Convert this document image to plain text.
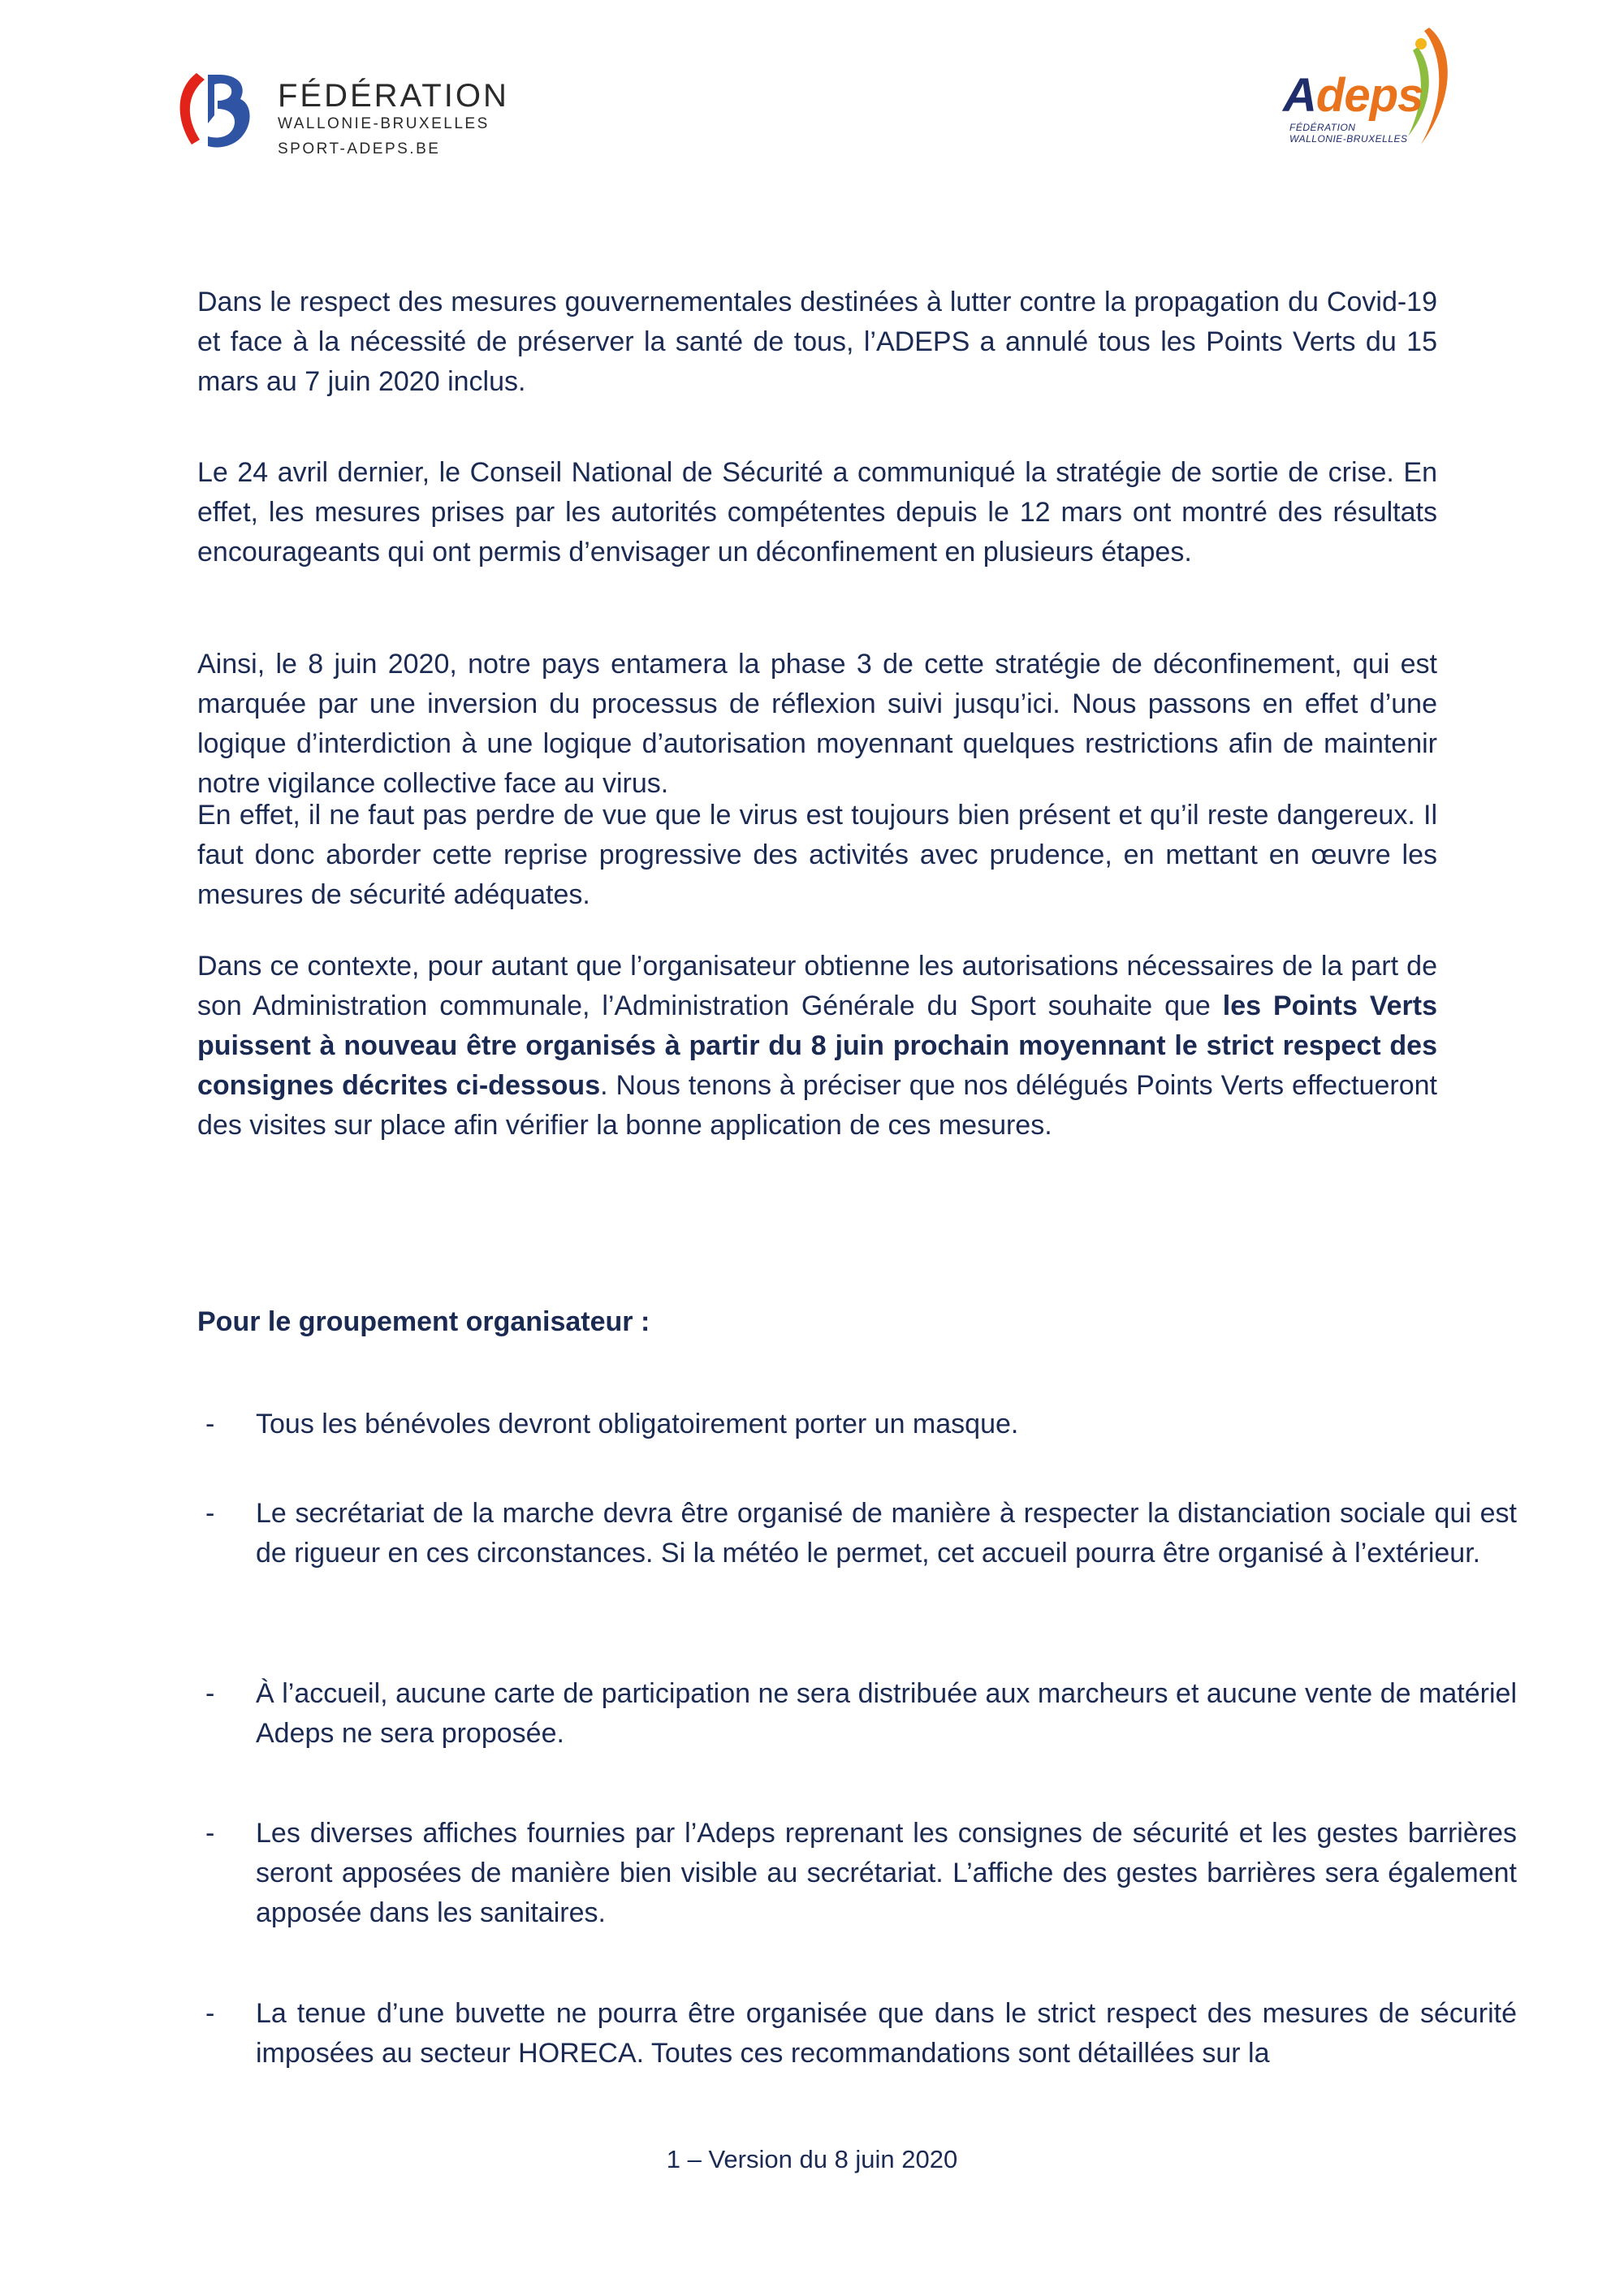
FÉDÉRATION
WALLONIE-BRUXELLES
SPORT-ADEPS.BE
Adeps
FÉDÉRATION
WALLONIE-BRUXELLES

Dans le respect des mesures gouvernementales destinées à lutter contre la propagation du Covid-19 et face à la nécessité de préserver la santé de tous, l’ADEPS a annulé tous les Points Verts du 15 mars au 7 juin 2020 inclus.

Le 24 avril dernier, le Conseil National de Sécurité a communiqué la stratégie de sortie de crise. En effet, les mesures prises par les autorités compétentes depuis le 12 mars ont montré des résultats encourageants qui ont permis d’envisager un déconfinement en plusieurs étapes.

Ainsi, le 8 juin 2020, notre pays entamera la phase 3 de cette stratégie de déconfinement, qui est marquée par une inversion du processus de réflexion suivi jusqu’ici. Nous passons en effet d’une logique d’interdiction à une logique d’autorisation moyennant quelques restrictions afin de maintenir notre vigilance collective face au virus.

En effet, il ne faut pas perdre de vue que le virus est toujours bien présent et qu’il reste dangereux. Il faut donc aborder cette reprise progressive des activités avec prudence, en mettant en œuvre les mesures de sécurité adéquates.

Dans ce contexte, pour autant que l’organisateur obtienne les autorisations nécessaires de la part de son Administration communale, l’Administration Générale du Sport souhaite que les Points Verts puissent à nouveau être organisés à partir du 8 juin prochain moyennant le strict respect des consignes décrites ci-dessous. Nous tenons à préciser que nos délégués Points Verts effectueront des visites sur place afin vérifier la bonne application de ces mesures.

Pour le groupement organisateur :
- Tous les bénévoles devront obligatoirement porter un masque.
- Le secrétariat de la marche devra être organisé de manière à respecter la distanciation sociale qui est de rigueur en ces circonstances. Si la météo le permet, cet accueil pourra être organisé à l’extérieur.
- À l’accueil, aucune carte de participation ne sera distribuée aux marcheurs et aucune vente de matériel Adeps ne sera proposée.
- Les diverses affiches fournies par l’Adeps reprenant les consignes de sécurité et les gestes barrières seront apposées de manière bien visible au secrétariat. L’affiche des gestes barrières sera également apposée dans les sanitaires.
- La tenue d’une buvette ne pourra être organisée que dans le strict respect des mesures de sécurité imposées au secteur HORECA. Toutes ces recommandations sont détaillées sur la
1 – Version du 8 juin 2020
